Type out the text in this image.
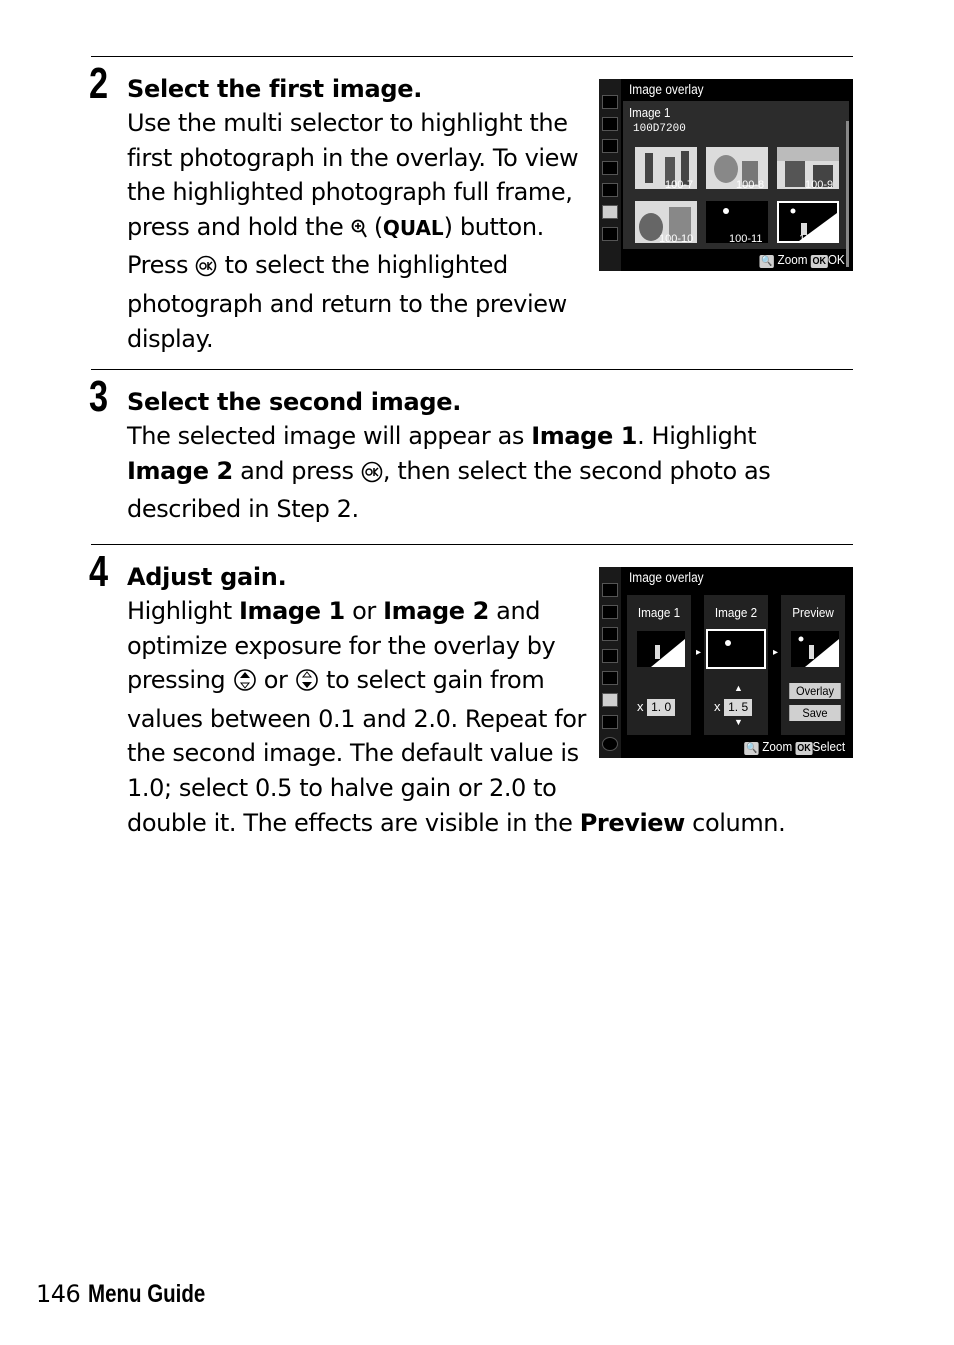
2 Select the first image.
Use the multi selector to highlight the first photograph in the overlay. To view the highlighted photograph full frame, press and hold the  (QUAL) button. Press  to select the highlighted photograph and return to the preview display.
Image overlay
Image 1
100D7200
100-7	100-8	100-9
100-10	100-11	100-12
🔍 Zoom OK OK
3 Select the second image.
The selected image will appear as Image 1. Highlight Image 2 and press , then select the second photo as described in Step 2.
4 Adjust gain.
Highlight Image 1 or Image 2 and optimize exposure for the overlay by pressing  or  to select gain from values between 0.1 and 2.0. Repeat for the second image. The default value is 1.0; select 0.5 to halve gain or 2.0 to double it. The effects are visible in the Preview column.
Image overlay
Image 1
x 1. 0
▸
Image 2
▲
x 1. 5
▼
▸
Preview
Overlay
Save
🔍 Zoom OK Select
146 Menu Guide
